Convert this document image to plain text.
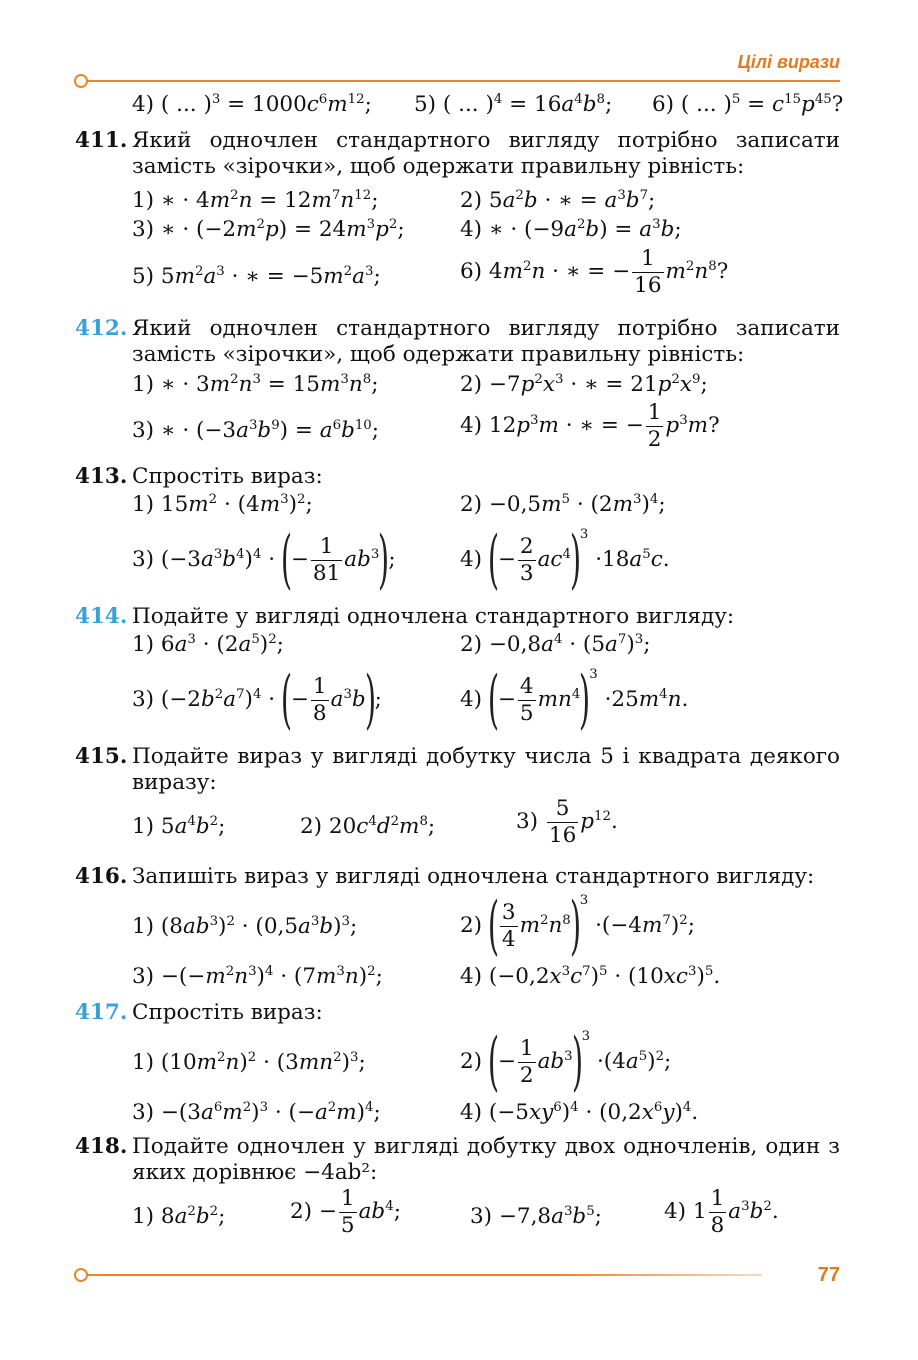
Цілі вирази
4) ( ... )$^3 = 1000c^6m^{12}$; 5) ( ... )$^4 = 16a^4b^8$; 6) ( ... )$^5 = c^{15}p^{45}$?
411. Який одночлен стандартного вигляду потрібно записати замість «зірочки», щоб одержати правильну рівність:
1) ∗ · $4m^2n = 12m^7n^{12}$;	2) $5a^2b$ · ∗ = $a^3b^7$;
3) ∗ · $(-2m^2p) = 24m^3p^2$;	4) ∗ · $(-9a^2b) = a^3b$;
5) $5m^2a^3$ · ∗ = $-5m^2a^3$;	6) $4m^2n$ · ∗ = − $\frac{1}{16} m^2n^8$?
412. Який одночлен стандартного вигляду потрібно записати замість «зірочки», щоб одержати правильну рівність:
1) ∗ · $3m^2n^3 = 15m^3n^8$;	$2) -7p^2x^3$ · ∗ = $21p^2x^9$;
3) ∗ · $(-3a^3b^9) = a^6b^{10}$;	4) $12p^3m$ · ∗ = − $\frac{1}{2} p^3m$?
413. Спростіть вираз:
1) $15m^2 \cdot (4m^3)^2$;	$2) -0,5m^5 \cdot (2m^3)^4$;
3) $(-3a^3b^4)^4$ · (− $\frac{1}{81} ab^3$);	4) (− $\frac{2}{3} ac^4)^3 \cdot 18a^5c$.
414. Подайте у вигляді одночлена стандартного вигляду:
1) $6a^3 \cdot (2a^5)^2$;	$2) -0,8a^4 \cdot (5a^7)^3$;
3) $(-2b^2a^7)^4$ · (− $\frac{1}{8} a^3b$);	4) (− $\frac{4}{5} mn^4)^3 \cdot 25m^4n$.
415. Подайте вираз у вигляді добутку числа 5 і квадрата деякого виразу:
1) $5a^4b^2$;	2) $20c^4d^2m^8$;	$3) \frac{5}{16} p^{12}$.
416. Запишіть вираз у вигляді одночлена стандартного вигляду:
1) $(8ab^3)^2 \cdot (0,5a^3b)^3$;	2) ( $\frac{3}{4} m^2n^8)^3 \cdot(-4m^7)^2$;
$3) -(-m^2n^3)^4 \cdot (7m^3n)^2$;	4) $(-0,2x^3c^7)^5 \cdot (10xc^3)^5$.
417. Спростіть вираз:
1) $(10m^2n)^2 \cdot (3mn^2)^3$;	2) (− $\frac{1}{2} ab^3)^3 \cdot(4a^5)^2$;
$3) -(3a^6m^2)^3 \cdot (-a^2m)^4$;	4) $(-5xy^6)^4 \cdot (0,2x^6y)^4$.
418. Подайте одночлен у вигляді добутку двох одночленів, один з яких дорівнює −4ab²:
1) $8a^2b^2$;	$2) - \frac{1}{5} ab^4$;	$3) -7,8a^3b^5$;	4) $1 \frac{1}{8} a^3b^2$.
77
